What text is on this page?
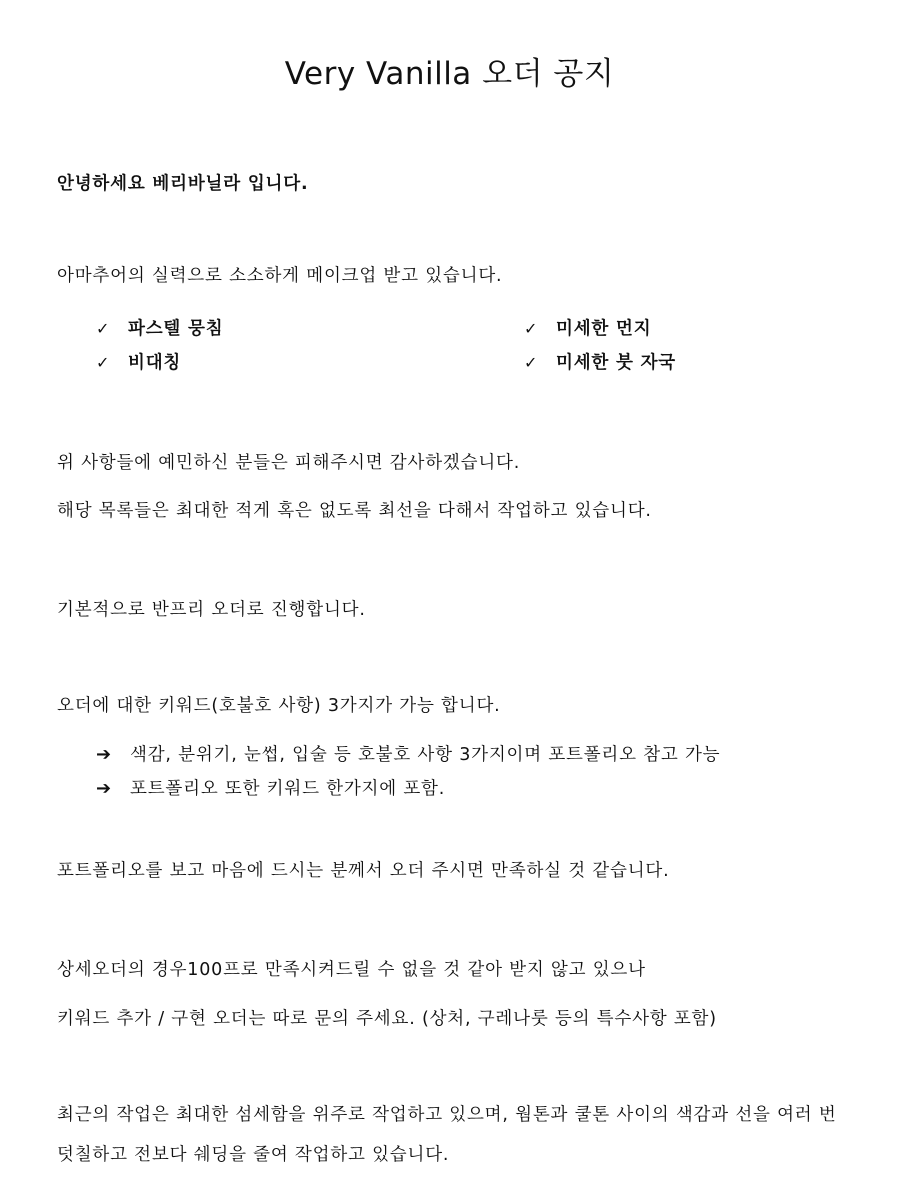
Very Vanilla 오더 공지
안녕하세요 베리바닐라 입니다.
아마추어의 실력으로 소소하게 메이크업 받고 있습니다.
✓ 파스텔 뭉침	✓ 미세한 먼지
✓ 비대칭	✓ 미세한 붓 자국
위 사항들에 예민하신 분들은 피해주시면 감사하겠습니다.
해당 목록들은 최대한 적게 혹은 없도록 최선을 다해서 작업하고 있습니다.
기본적으로 반프리 오더로 진행합니다.
오더에 대한 키워드(호불호 사항) 3가지가 가능 합니다.
➔ 색감, 분위기, 눈썹, 입술 등 호불호 사항 3가지이며 포트폴리오 참고 가능
➔ 포트폴리오 또한 키워드 한가지에 포함.
포트폴리오를 보고 마음에 드시는 분께서 오더 주시면 만족하실 것 같습니다.
상세오더의 경우100프로 만족시켜드릴 수 없을 것 같아 받지 않고 있으나
키워드 추가 / 구현 오더는 따로 문의 주세요. (상처, 구레나룻 등의 특수사항 포함)
최근의 작업은 최대한 섬세함을 위주로 작업하고 있으며, 웜톤과 쿨톤 사이의 색감과 선을 여러 번 덧칠하고 전보다 쉐딩을 줄여 작업하고 있습니다.
